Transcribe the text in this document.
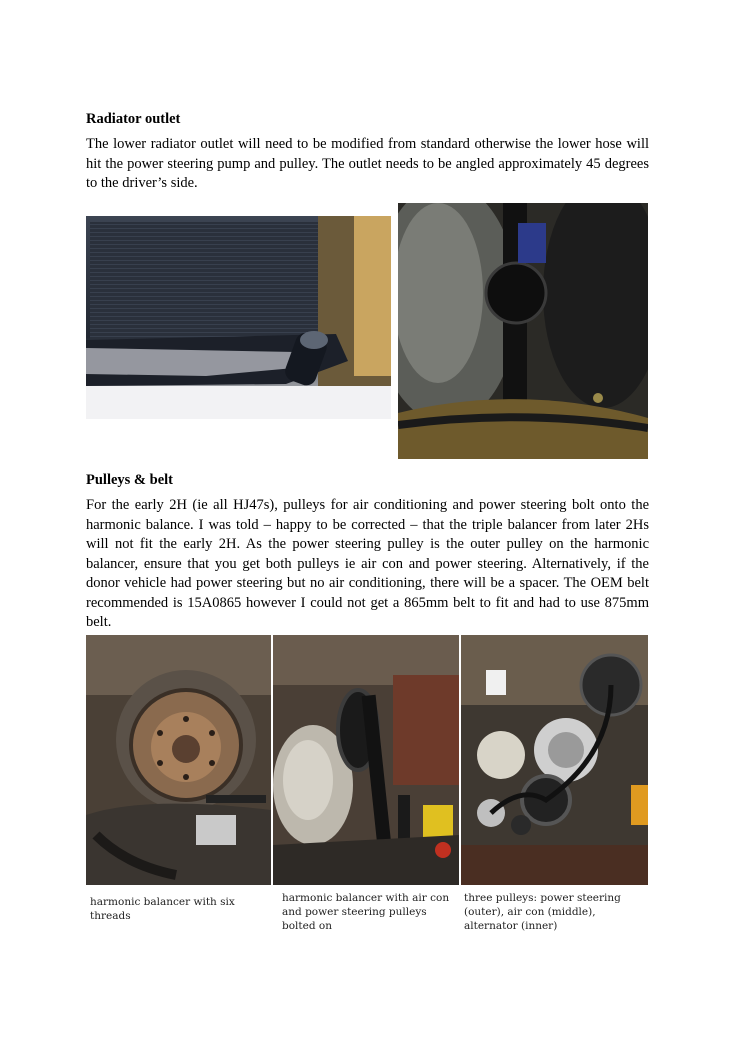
Radiator outlet

The lower radiator outlet will need to be modified from standard otherwise the lower hose will hit the power steering pump and pulley. The outlet needs to be angled approximately 45 degrees to the driver’s side.

Pulleys & belt

For the early 2H (ie all HJ47s), pulleys for air conditioning and power steering bolt onto the harmonic balance. I was told – happy to be corrected – that the triple balancer from later 2Hs will not fit the early 2H. As the power steering pulley is the outer pulley on the harmonic balancer, ensure that you get both pulleys ie air con and power steering. Alternatively, if the donor vehicle had power steering but no air conditioning, there will be a spacer. The OEM belt recommended is 15A0865 however I could not get a 865mm belt to fit and had to use 875mm belt.

harmonic balancer with six threads

harmonic balancer with air con and power steering pulleys bolted on

three pulleys: power steering (outer), air con (middle), alternator (inner)
